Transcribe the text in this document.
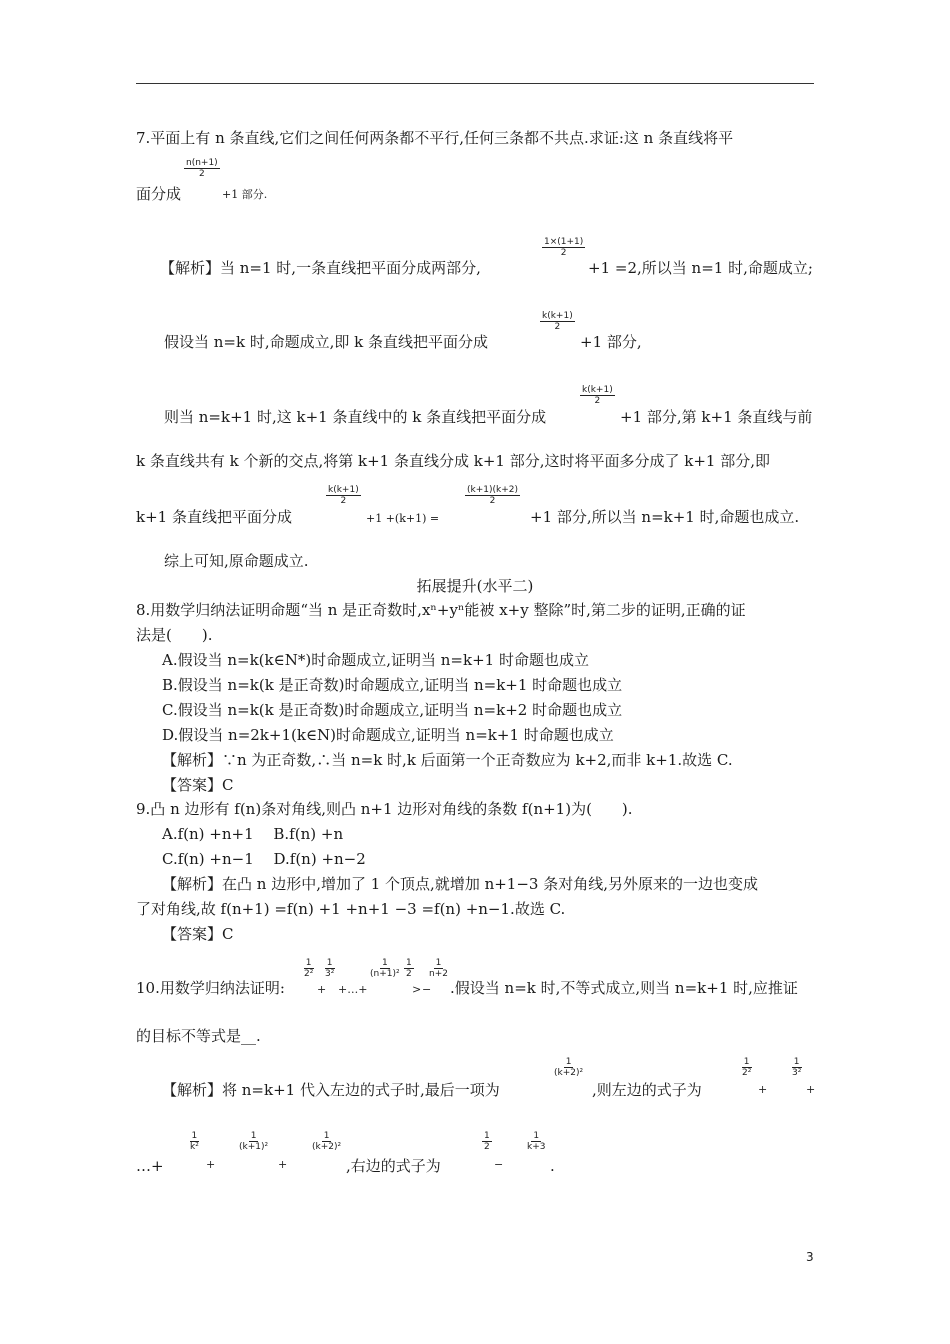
7.平面上有 n 条直线,它们之间任何两条都不平行,任何三条都不共点.求证:这 n 条直线将平
$\frac{n(n+1)}{2}$
面分成	+1 部分.
【解析】当 n=1 时,一条直线把平面分成两部分,
$\frac{1\times(1+1)}{2}$
+1 =2,所以当 n=1 时,命题成立;
假设当 n=k 时,命题成立,即 k 条直线把平面分成
$\frac{k(k+1)}{2}$
+1 部分,
则当 n=k+1 时,这 k+1 条直线中的 k 条直线把平面分成
$\frac{k(k+1)}{2}$
+1 部分,第 k+1 条直线与前
k 条直线共有 k 个新的交点,将第 k+1 条直线分成 k+1 部分,这时将平面多分成了 k+1 部分,即
k+1 条直线把平面分成
$\frac{k(k+1)}{2}$
+1 +(k+1) =
$\frac{(k+1)(k+2)}{2}$
+1 部分,所以当 n=k+1 时,命题也成立.
综上可知,原命题成立.
拓展提升(水平二)
8.用数学归纳法证明命题“当 n 是正奇数时,xⁿ+yⁿ能被 x+y 整除”时,第二步的证明,正确的证
法是(　　).
A.假设当 n=k(k∈N*)时命题成立,证明当 n=k+1 时命题也成立
B.假设当 n=k(k 是正奇数)时命题成立,证明当 n=k+1 时命题也成立
C.假设当 n=k(k 是正奇数)时命题成立,证明当 n=k+2 时命题也成立
D.假设当 n=2k+1(k∈N)时命题成立,证明当 n=k+1 时命题也成立
【解析】∵n 为正奇数,∴当 n=k 时,k 后面第一个正奇数应为 k+2,而非 k+1.故选 C.
【答案】C
9.凸 n 边形有 f(n)条对角线,则凸 n+1 边形对角线的条数 f(n+1)为(　　).
A.f(n) +n+1　 B.f(n) +n
C.f(n) +n−1　 D.f(n) +n−2
【解析】在凸 n 边形中,增加了 1 个顶点,就增加 n+1−3 条对角线,另外原来的一边也变成
了对角线,故 f(n+1) =f(n) +1 +n+1 −3 =f(n) +n−1.故选 C.
【答案】C
10.用数学归纳法证明:
$\frac{1}{\text{2²}}$
+
$\frac{1}{\text{3²}}$
+…+
$\frac{1}{\text{(n+1)²}}$
>
$\frac{1}{2}$
−
$\frac{1}{n+2}$
.假设当 n=k 时,不等式成立,则当 n=k+1 时,应推证
的目标不等式是__.
【解析】将 n=k+1 代入左边的式子时,最后一项为
$\frac{1}{\text{(k+2)²}}$
,则左边的式子为
$\frac{1}{\text{2²}}$
+
$\frac{1}{\text{3²}}$
+
…+
$\frac{1}{\text{k²}}$
+
$\frac{1}{\text{(k+1)²}}$
+
$\frac{1}{\text{(k+2)²}}$
,右边的式子为
$\frac{1}{2}$
−
$\frac{1}{k+3}$
.
3
